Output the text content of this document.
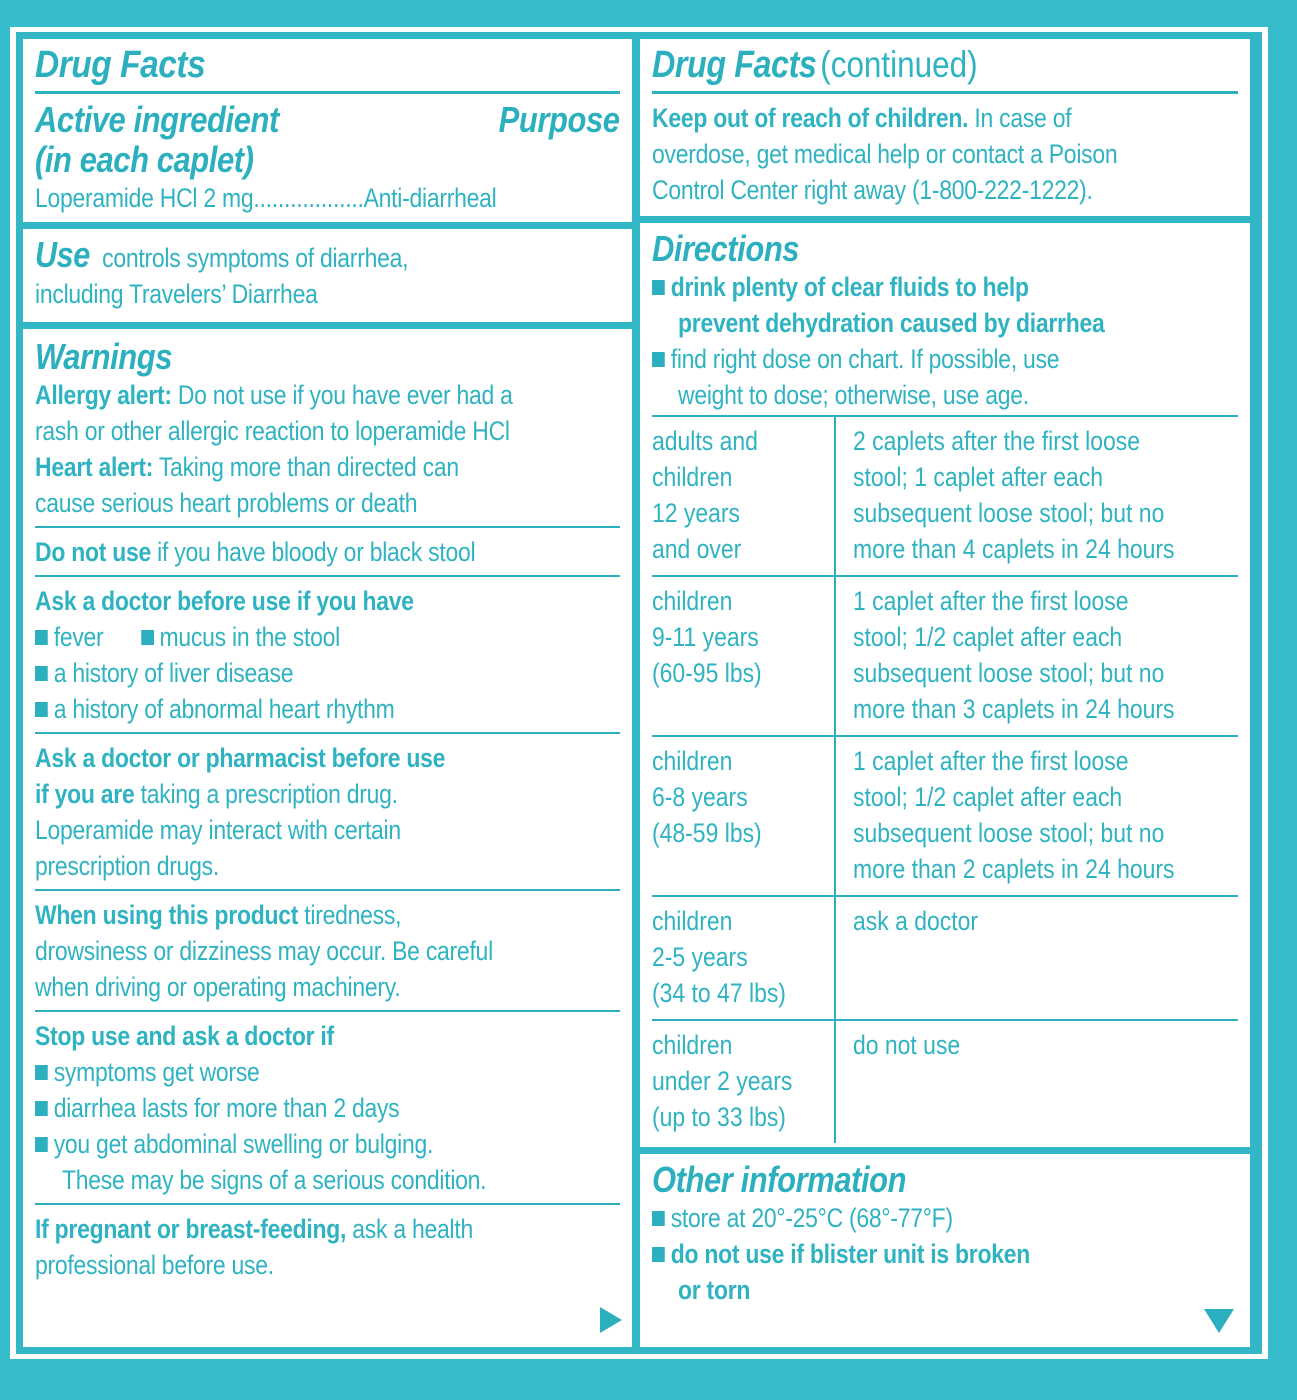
Drug Facts
Active ingredient
(in each caplet)
Purpose
Loperamide HCl 2 mg..................Anti-diarrheal
Use controls symptoms of diarrhea,
including Travelers’ Diarrhea
Warnings
Allergy alert: Do not use if you have ever had a
rash or other allergic reaction to loperamide HCl
Heart alert: Taking more than directed can
cause serious heart problems or death
Do not use if you have bloody or black stool
Ask a doctor before use if you have
fever mucus in the stool
a history of liver disease
a history of abnormal heart rhythm
Ask a doctor or pharmacist before use
if you are taking a prescription drug.
Loperamide may interact with certain
prescription drugs.
When using this product tiredness,
drowsiness or dizziness may occur. Be careful
when driving or operating machinery.
Stop use and ask a doctor if
symptoms get worse
diarrhea lasts for more than 2 days
you get abdominal swelling or bulging.
These may be signs of a serious condition.
If pregnant or breast-feeding, ask a health
professional before use.
Drug Facts (continued)
Keep out of reach of children. In case of
overdose, get medical help or contact a Poison
Control Center right away (1-800-222-1222).
Directions
drink plenty of clear fluids to help
prevent dehydration caused by diarrhea
find right dose on chart. If possible, use
weight to dose; otherwise, use age.
adults and
children
12 years
and over	2 caplets after the first loose
stool; 1 caplet after each
subsequent loose stool; but no
more than 4 caplets in 24 hours
children
9-11 years
(60-95 lbs)	1 caplet after the first loose
stool; 1/2 caplet after each
subsequent loose stool; but no
more than 3 caplets in 24 hours
children
6-8 years
(48-59 lbs)	1 caplet after the first loose
stool; 1/2 caplet after each
subsequent loose stool; but no
more than 2 caplets in 24 hours
children
2-5 years
(34 to 47 lbs)	ask a doctor
children
under 2 years
(up to 33 lbs)	do not use
Other information
store at 20°-25°C (68°-77°F)
do not use if blister unit is broken
or torn
